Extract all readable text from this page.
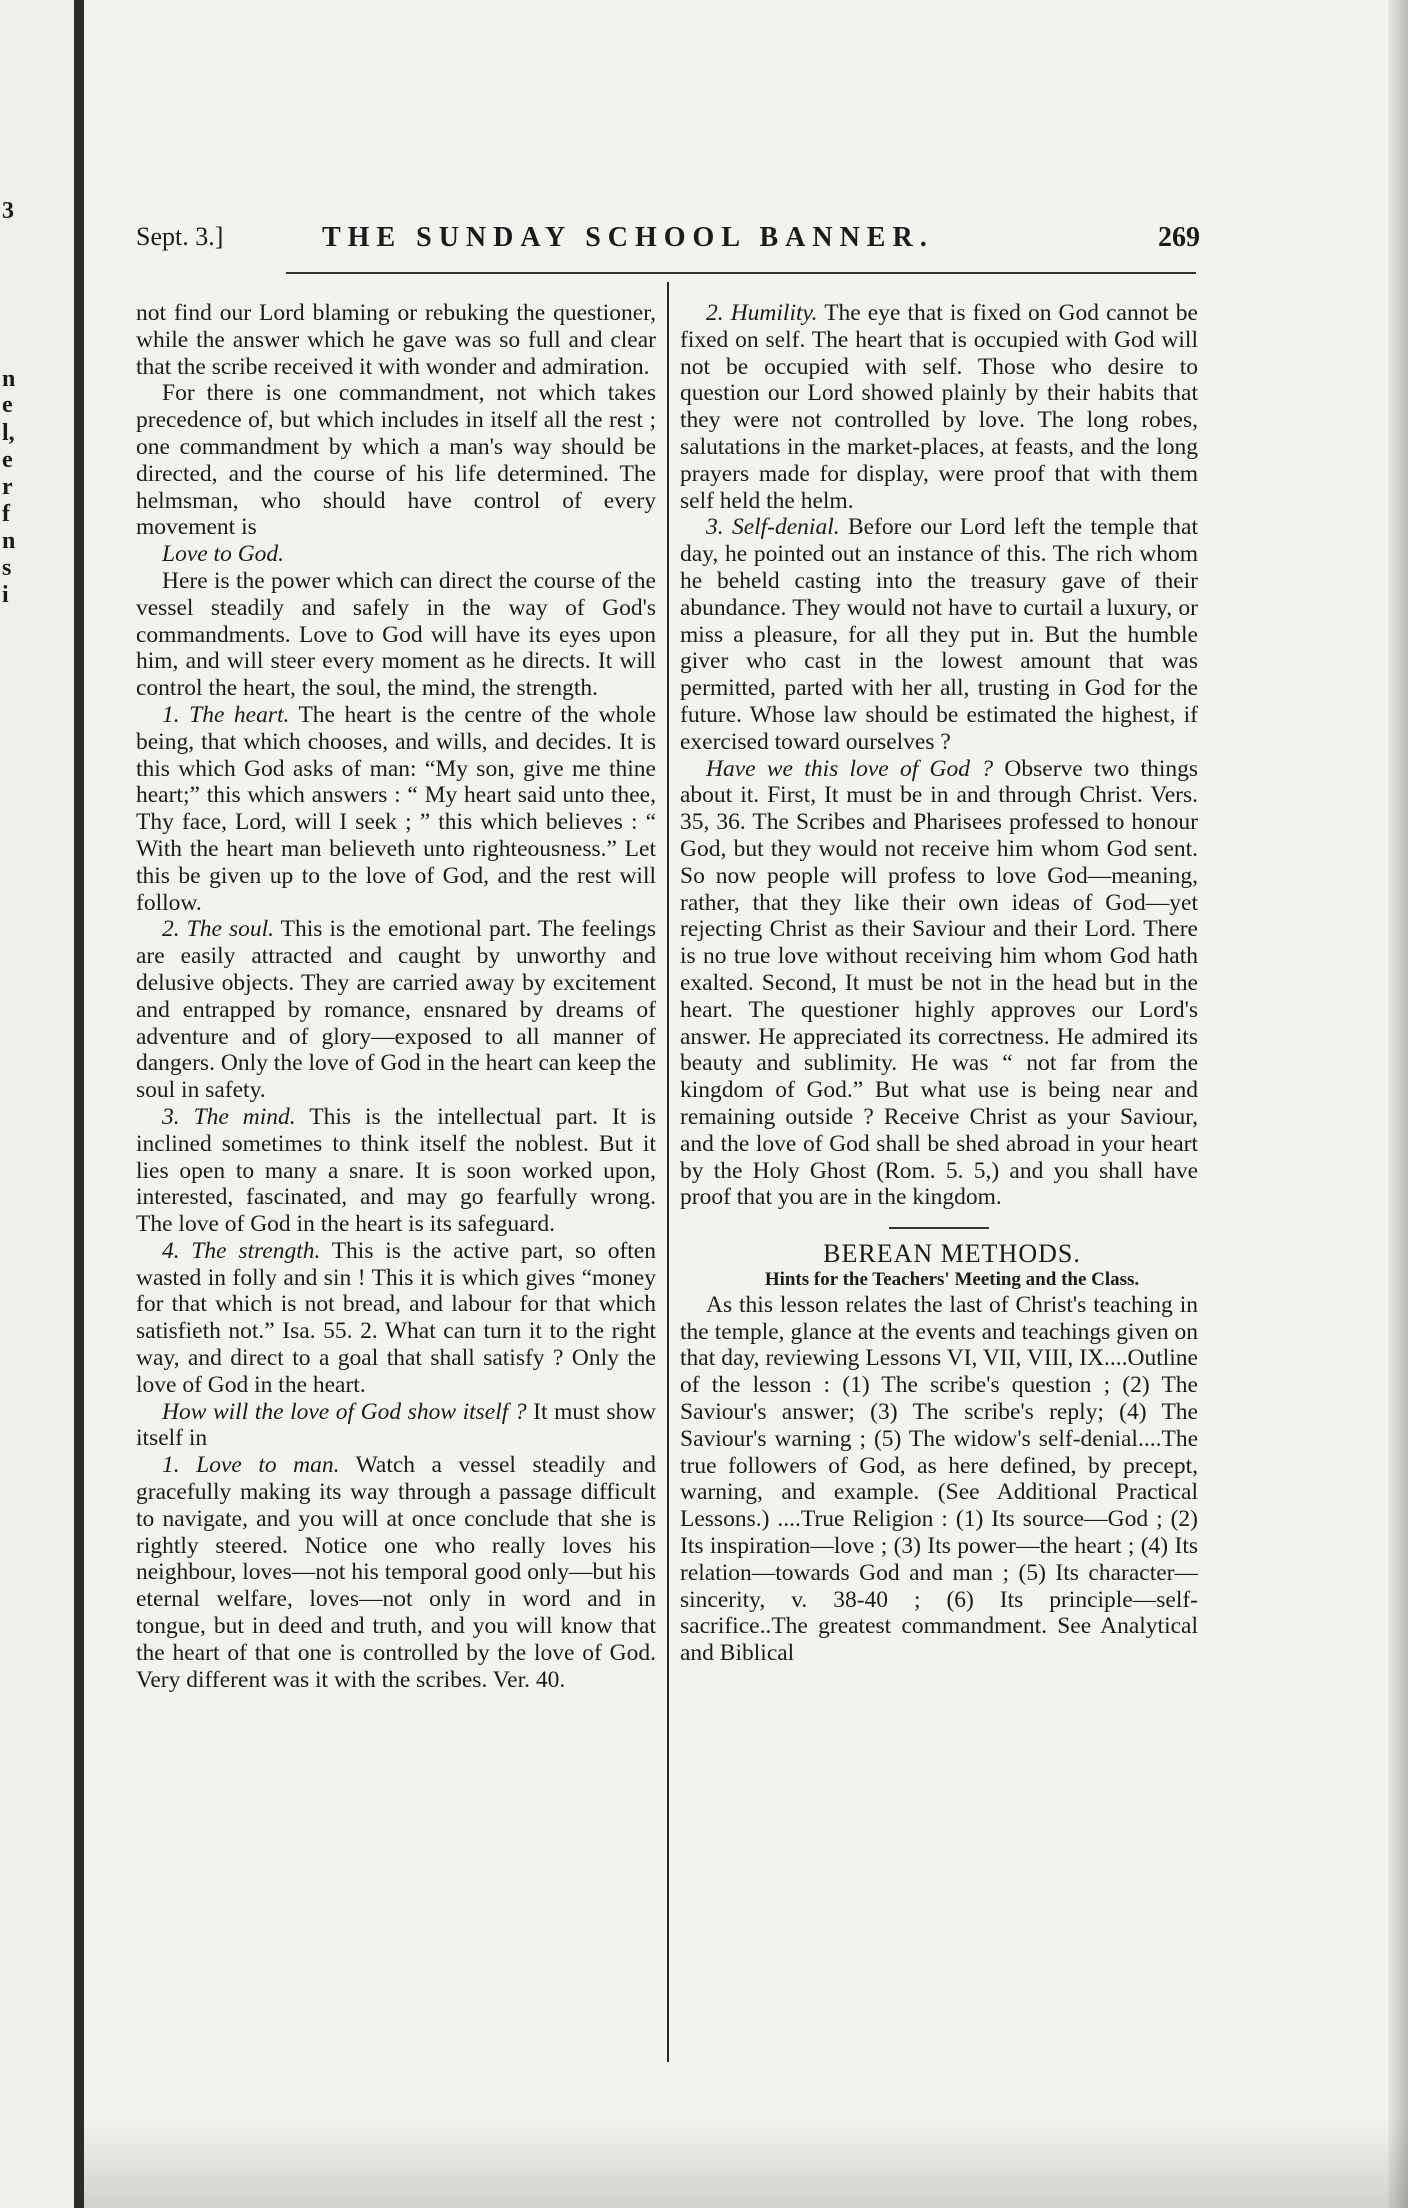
3
n
e
l,
e
r
f
n
s
i
Sept. 3.]	THE SUNDAY SCHOOL BANNER.	269

not find our Lord blaming or rebuking the questioner, while the answer which he gave was so full and clear that the scribe received it with wonder and admiration.

For there is one commandment, not which takes precedence of, but which includes in itself all the rest ; one commandment by which a man's way should be directed, and the course of his life determined. The helmsman, who should have control of every movement is

Love to God.

Here is the power which can direct the course of the vessel steadily and safely in the way of God's commandments. Love to God will have its eyes upon him, and will steer every moment as he directs. It will control the heart, the soul, the mind, the strength.

1. The heart. The heart is the centre of the whole being, that which chooses, and wills, and decides. It is this which God asks of man: “My son, give me thine heart;” this which answers : “ My heart said unto thee, Thy face, Lord, will I seek ; ” this which believes : “ With the heart man believeth unto righteousness.” Let this be given up to the love of God, and the rest will follow.

2. The soul. This is the emotional part. The feelings are easily attracted and caught by unworthy and delusive objects. They are carried away by excitement and entrapped by romance, ensnared by dreams of adventure and of glory—exposed to all manner of dangers. Only the love of God in the heart can keep the soul in safety.

3. The mind. This is the intellectual part. It is inclined sometimes to think itself the noblest. But it lies open to many a snare. It is soon worked upon, interested, fascinated, and may go fearfully wrong. The love of God in the heart is its safeguard.

4. The strength. This is the active part, so often wasted in folly and sin ! This it is which gives “money for that which is not bread, and labour for that which satisfieth not.” Isa. 55. 2. What can turn it to the right way, and direct to a goal that shall satisfy ? Only the love of God in the heart.

How will the love of God show itself ? It must show itself in

1. Love to man. Watch a vessel steadily and gracefully making its way through a passage difficult to navigate, and you will at once conclude that she is rightly steered. Notice one who really loves his neighbour, loves—not his temporal good only—but his eternal welfare, loves—not only in word and in tongue, but in deed and truth, and you will know that the heart of that one is controlled by the love of God. Very different was it with the scribes. Ver. 40.

2. Humility. The eye that is fixed on God cannot be fixed on self. The heart that is occupied with God will not be occupied with self. Those who desire to question our Lord showed plainly by their habits that they were not controlled by love. The long robes, salutations in the market-places, at feasts, and the long prayers made for display, were proof that with them self held the helm.

3. Self-denial. Before our Lord left the temple that day, he pointed out an instance of this. The rich whom he beheld casting into the treasury gave of their abundance. They would not have to curtail a luxury, or miss a pleasure, for all they put in. But the humble giver who cast in the lowest amount that was permitted, parted with her all, trusting in God for the future. Whose law should be estimated the highest, if exercised toward ourselves ?

Have we this love of God ? Observe two things about it. First, It must be in and through Christ. Vers. 35, 36. The Scribes and Pharisees professed to honour God, but they would not receive him whom God sent. So now people will profess to love God—meaning, rather, that they like their own ideas of God—yet rejecting Christ as their Saviour and their Lord. There is no true love without receiving him whom God hath exalted. Second, It must be not in the head but in the heart. The questioner highly approves our Lord's answer. He appreciated its correctness. He admired its beauty and sublimity. He was “ not far from the kingdom of God.” But what use is being near and remaining outside ? Receive Christ as your Saviour, and the love of God shall be shed abroad in your heart by the Holy Ghost (Rom. 5. 5,) and you shall have proof that you are in the kingdom.

BEREAN METHODS.

Hints for the Teachers' Meeting and the Class.

As this lesson relates the last of Christ's teaching in the temple, glance at the events and teachings given on that day, reviewing Lessons VI, VII, VIII, IX....Outline of the lesson : (1) The scribe's question ; (2) The Saviour's answer; (3) The scribe's reply; (4) The Saviour's warning ; (5) The widow's self-denial....The true followers of God, as here defined, by precept, warning, and example. (See Additional Practical Lessons.) ....True Religion : (1) Its source—God ; (2) Its inspiration—love ; (3) Its power—the heart ; (4) Its relation—towards God and man ; (5) Its character—sincerity, v. 38-40 ; (6) Its principle—self-sacrifice..The greatest commandment. See Analytical and Biblical
